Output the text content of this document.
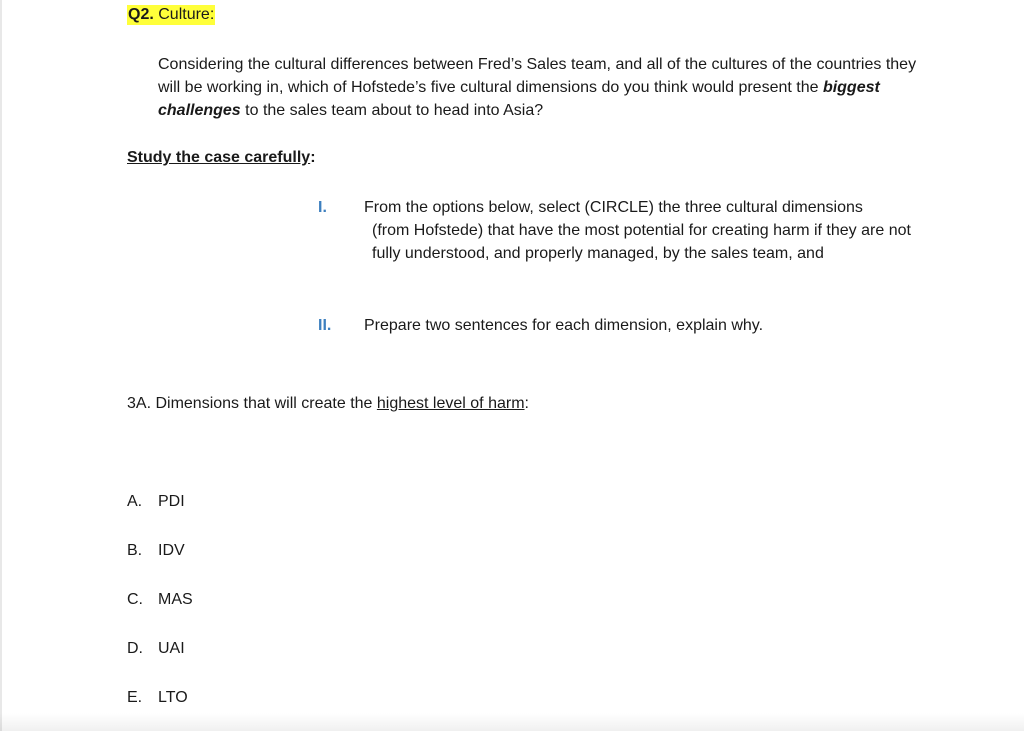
Q2. Culture:
Considering the cultural differences between Fred’s Sales team, and all of the cultures of the countries they will be working in, which of Hofstede’s five cultural dimensions do you think would present the biggest challenges to the sales team about to head into Asia?
Study the case carefully:
I.	From the options below, select (CIRCLE) the three cultural dimensions
(from Hofstede) that have the most potential for creating harm if they are not fully understood, and properly managed, by the sales team, and
II.	Prepare two sentences for each dimension, explain why.
3A. Dimensions that will create the highest level of harm:
A. PDI
B. IDV
C. MAS
D. UAI
E. LTO
